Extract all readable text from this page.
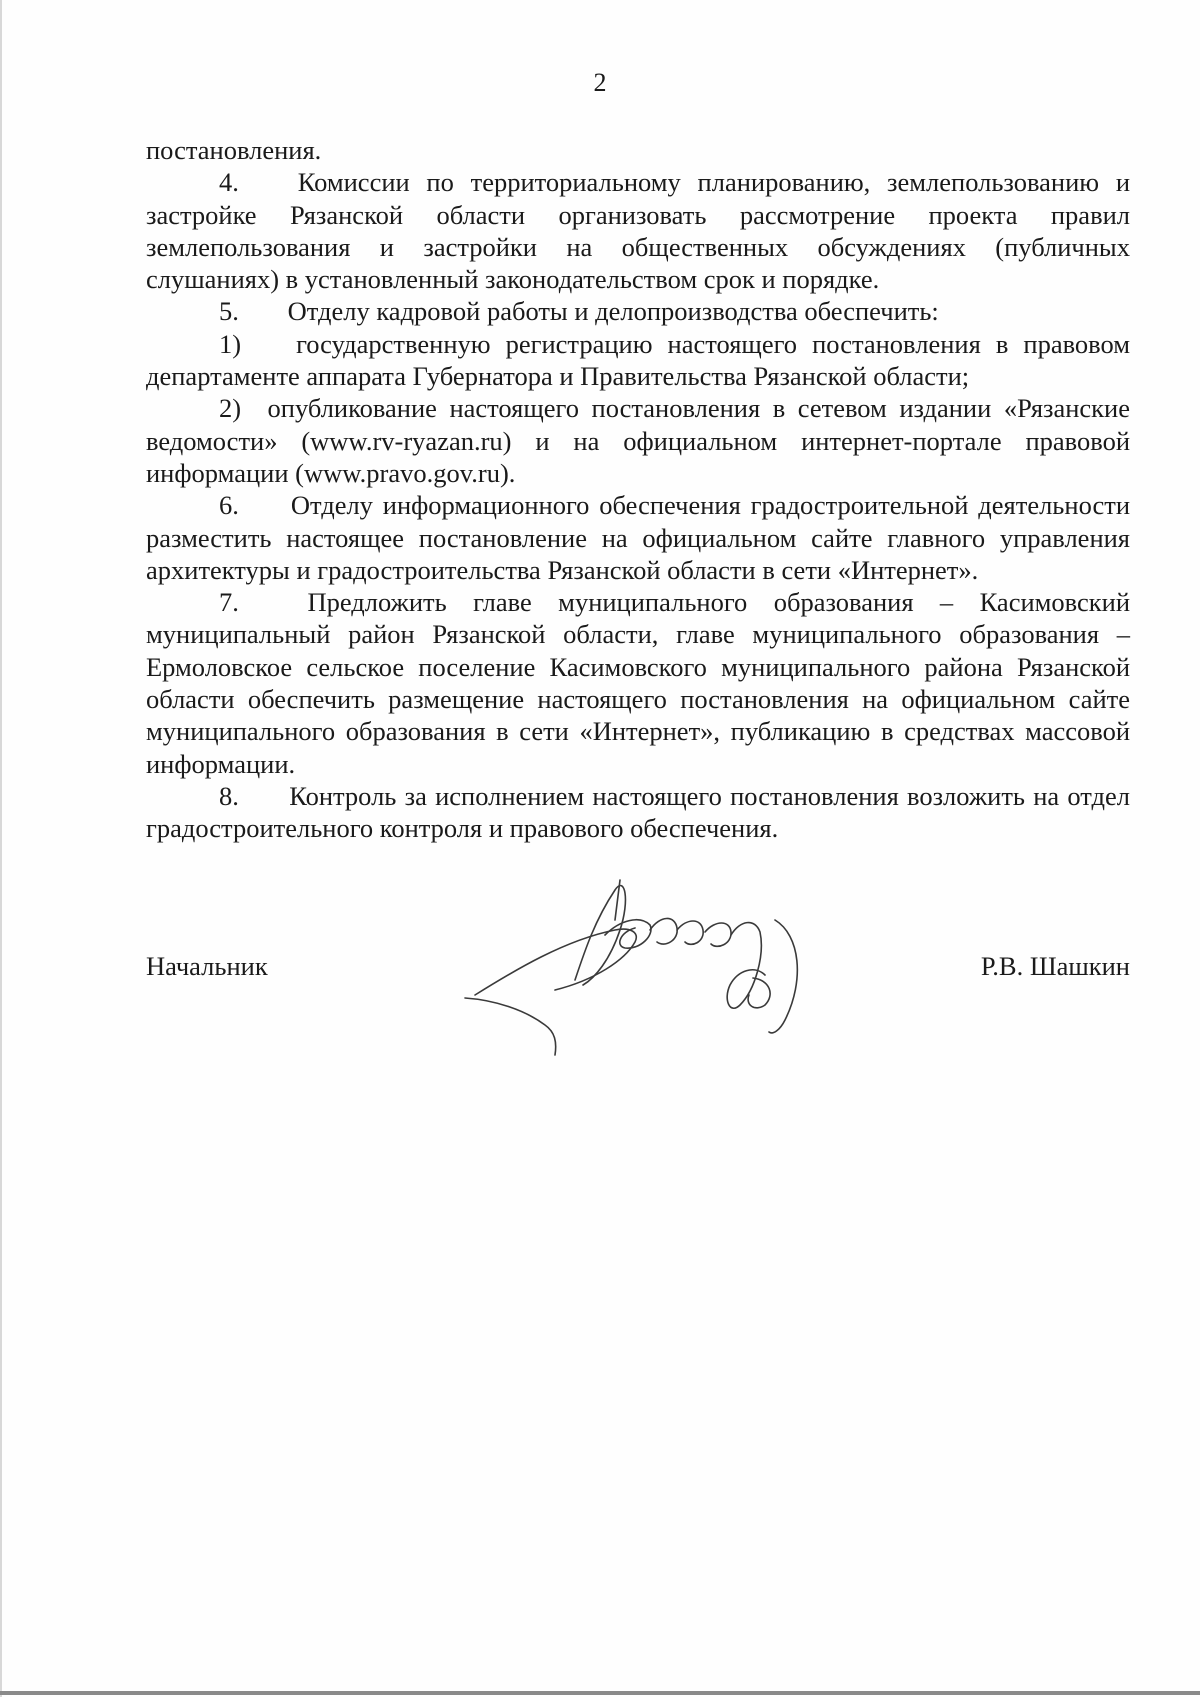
2

постановления.

4. Комиссии по территориальному планированию, землепользованию и застройке Рязанской области организовать рассмотрение проекта правил землепользования и застройки на общественных обсуждениях (публичных слушаниях) в установленный законодательством срок и порядке.

5. Отделу кадровой работы и делопроизводства обеспечить:

1) государственную регистрацию настоящего постановления в правовом департаменте аппарата Губернатора и Правительства Рязанской области;

2) опубликование настоящего постановления в сетевом издании «Рязанские ведомости» (www.rv-ryazan.ru) и на официальном интернет-портале правовой информации (www.pravo.gov.ru).

6. Отделу информационного обеспечения градостроительной деятельности разместить настоящее постановление на официальном сайте главного управления архитектуры и градостроительства Рязанской области в сети «Интернет».

7.	Предложить главе муниципального образования – Касимовский муниципальный район Рязанской области, главе муниципального образования – Ермоловское сельское поселение Касимовского муниципального района Рязанской области обеспечить размещение настоящего постановления на официальном сайте муниципального образования в сети «Интернет», публикацию в средствах массовой информации.

8. Контроль за исполнением настоящего постановления возложить на отдел градостроительного контроля и правового обеспечения.

Начальник	Р.В. Шашкин
